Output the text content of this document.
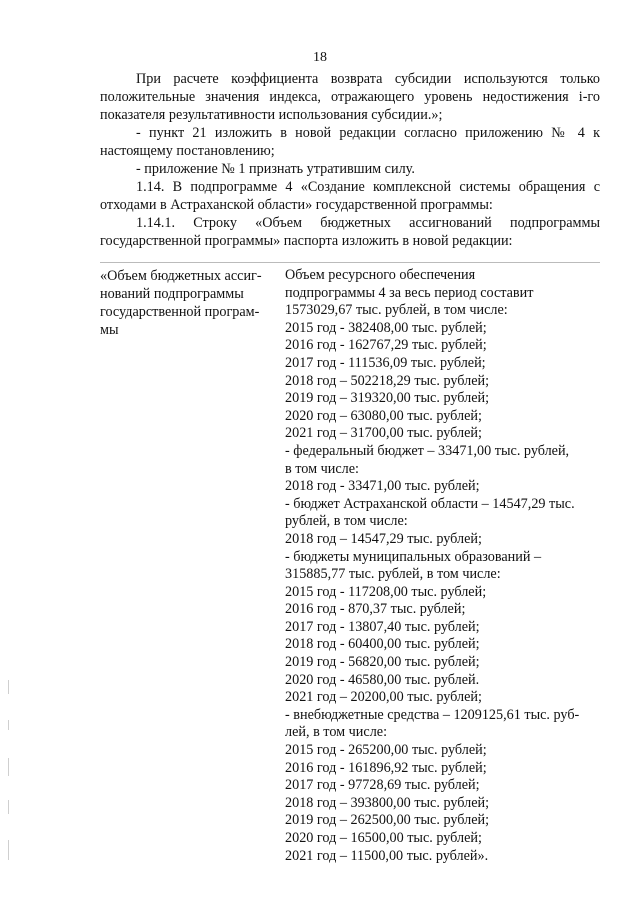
18

При расчете коэффициента возврата субсидии используются только положительные значения индекса, отражающего уровень недостижения i-го показателя результативности использования субсидии.»;

- пункт 21 изложить в новой редакции согласно приложению № 4 к настоящему постановлению;

- приложение № 1 признать утратившим силу.

1.14. В подпрограмме 4 «Создание комплексной системы обращения с отходами в Астраханской области» государственной программы:

1.14.1. Строку «Объем бюджетных ассигнований подпрограммы государственной программы» паспорта изложить в новой редакции:

«Объем бюджетных ассиг-
нований подпрограммы
государственной програм-
мы
Объем ресурсного обеспечения
подпрограммы 4 за весь период составит
1573029,67 тыс. рублей, в том числе:
2015 год - 382408,00 тыс. рублей;
2016 год - 162767,29 тыс. рублей;
2017 год - 111536,09 тыс. рублей;
2018 год – 502218,29 тыс. рублей;
2019 год – 319320,00 тыс. рублей;
2020 год – 63080,00 тыс. рублей;
2021 год – 31700,00 тыс. рублей;
- федеральный бюджет – 33471,00 тыс. рублей,
в том числе:
2018 год - 33471,00 тыс. рублей;
- бюджет Астраханской области – 14547,29 тыс.
рублей, в том числе:
2018 год – 14547,29 тыс. рублей;
- бюджеты муниципальных образований –
315885,77 тыс. рублей, в том числе:
2015 год - 117208,00 тыс. рублей;
2016 год - 870,37 тыс. рублей;
2017 год - 13807,40 тыс. рублей;
2018 год - 60400,00 тыс. рублей;
2019 год - 56820,00 тыс. рублей;
2020 год - 46580,00 тыс. рублей.
2021 год – 20200,00 тыс. рублей;
- внебюджетные средства – 1209125,61 тыс. руб-
лей, в том числе:
2015 год - 265200,00 тыс. рублей;
2016 год - 161896,92 тыс. рублей;
2017 год - 97728,69 тыс. рублей;
2018 год – 393800,00 тыс. рублей;
2019 год – 262500,00 тыс. рублей;
2020 год – 16500,00 тыс. рублей;
2021 год – 11500,00 тыс. рублей».
